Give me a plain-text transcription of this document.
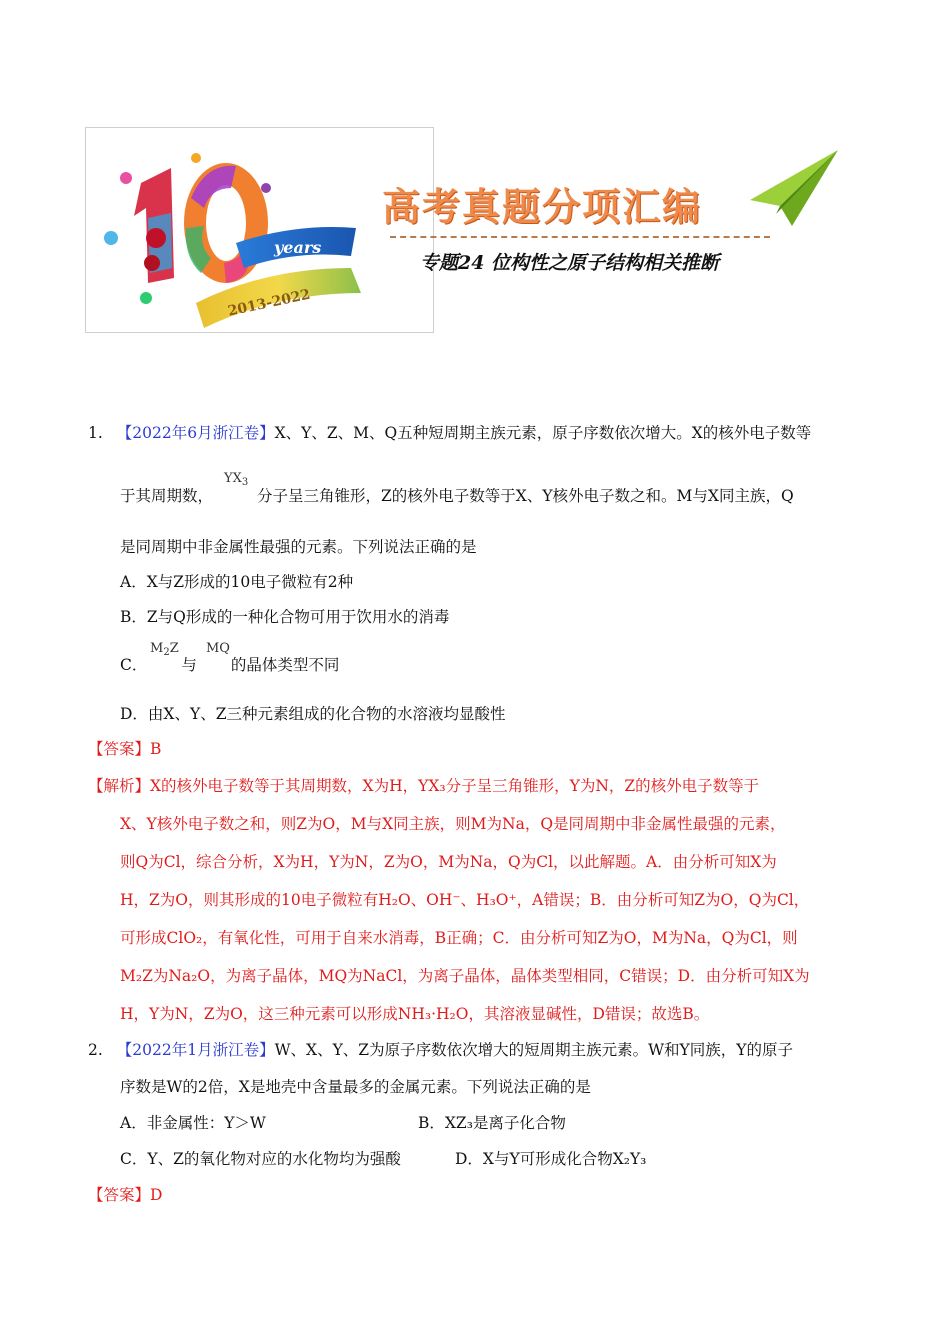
years
2013-2022
高考真题分项汇编
专题24 位构性之原子结构相关推断
1. 【2022年6月浙江卷】X、Y、Z、M、Q五种短周期主族元素，原子序数依次增大。X的核外电子数等
$YX_3$
于其周期数，	分子呈三角锥形，Z的核外电子数等于X、Y核外电子数之和。M与X同主族，Q
是同周期中非金属性最强的元素。下列说法正确的是
A．X与Z形成的10电子微粒有2种
B．Z与Q形成的一种化合物可用于饮用水的消毒
$M_2Z$ MQ
C． 与 的晶体类型不同
D．由X、Y、Z三种元素组成的化合物的水溶液均显酸性
【答案】B
【解析】X的核外电子数等于其周期数，X为H，YX₃分子呈三角锥形，Y为N，Z的核外电子数等于
X、Y核外电子数之和，则Z为O，M与X同主族，则M为Na，Q是同周期中非金属性最强的元素，
则Q为Cl，综合分析，X为H，Y为N，Z为O，M为Na，Q为Cl，以此解题。A．由分析可知X为
H，Z为O，则其形成的10电子微粒有H₂O、OH⁻、H₃O⁺，A错误；B．由分析可知Z为O，Q为Cl，
可形成ClO₂，有氧化性，可用于自来水消毒，B正确；C．由分析可知Z为O，M为Na，Q为Cl，则
M₂Z为Na₂O，为离子晶体，MQ为NaCl，为离子晶体，晶体类型相同，C错误；D．由分析可知X为
H，Y为N，Z为O，这三种元素可以形成NH₃·H₂O，其溶液显碱性，D错误；故选B。
2. 【2022年1月浙江卷】W、X、Y、Z为原子序数依次增大的短周期主族元素。W和Y同族，Y的原子
序数是W的2倍，X是地壳中含量最多的金属元素。下列说法正确的是
A．非金属性：Y＞W	B．XZ₃是离子化合物
C．Y、Z的氧化物对应的水化物均为强酸	D．X与Y可形成化合物X₂Y₃
【答案】D
